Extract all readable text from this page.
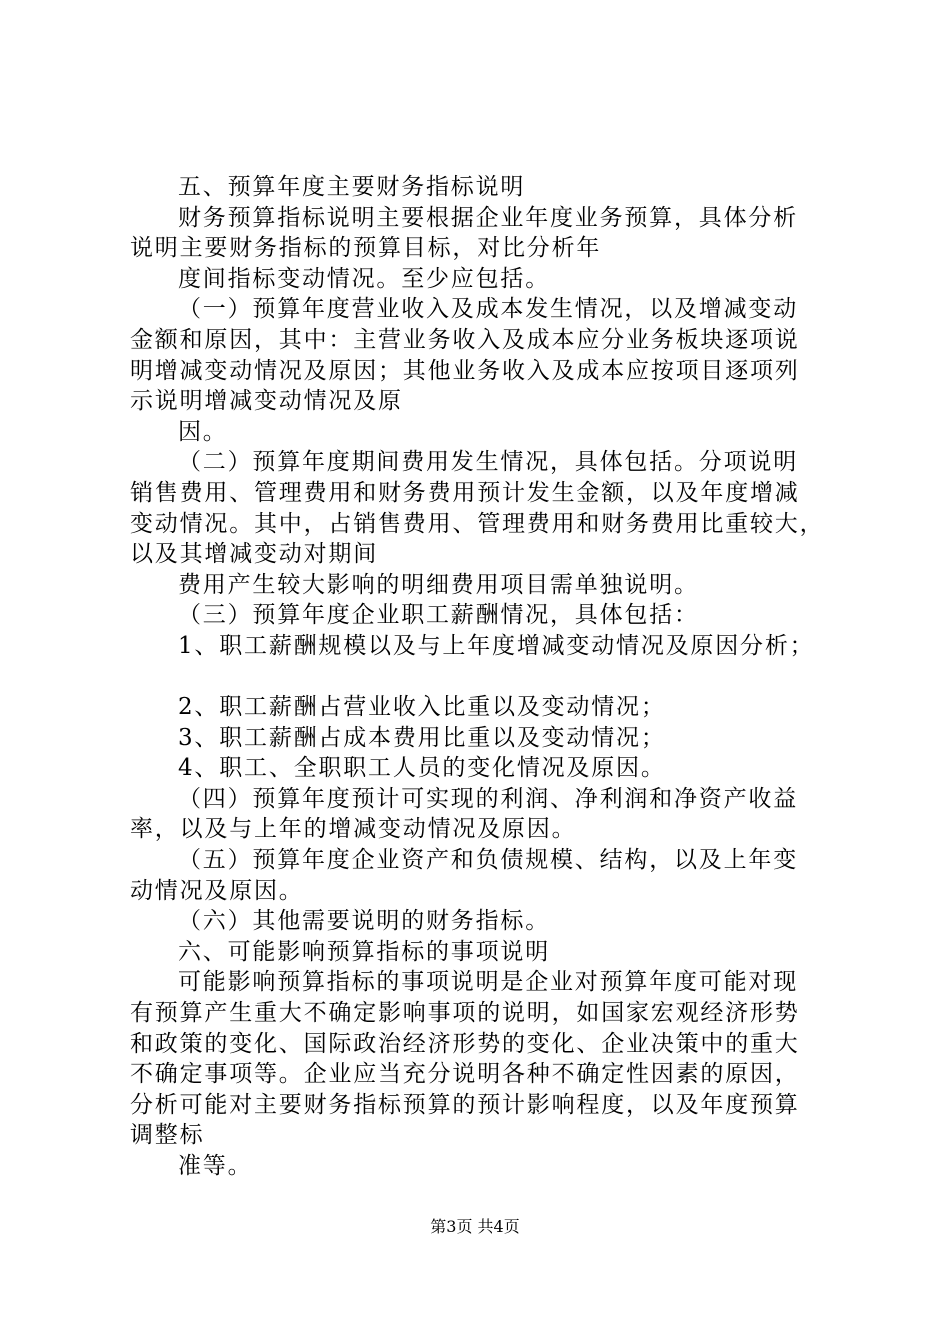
五、预算年度主要财务指标说明
财务预算指标说明主要根据企业年度业务预算，具体分析
说明主要财务指标的预算目标，对比分析年
度间指标变动情况。至少应包括。
（一）预算年度营业收入及成本发生情况，以及增减变动
金额和原因，其中：主营业务收入及成本应分业务板块逐项说
明增减变动情况及原因；其他业务收入及成本应按项目逐项列
示说明增减变动情况及原
因。
（二）预算年度期间费用发生情况，具体包括。分项说明
销售费用、管理费用和财务费用预计发生金额，以及年度增减
变动情况。其中，占销售费用、管理费用和财务费用比重较大，
以及其增减变动对期间
费用产生较大影响的明细费用项目需单独说明。
（三）预算年度企业职工薪酬情况，具体包括：
1、职工薪酬规模以及与上年度增减变动情况及原因分析；
2、职工薪酬占营业收入比重以及变动情况；
3、职工薪酬占成本费用比重以及变动情况；
4、职工、全职职工人员的变化情况及原因。
（四）预算年度预计可实现的利润、净利润和净资产收益
率，以及与上年的增减变动情况及原因。
（五）预算年度企业资产和负债规模、结构，以及上年变
动情况及原因。
（六）其他需要说明的财务指标。
六、可能影响预算指标的事项说明
可能影响预算指标的事项说明是企业对预算年度可能对现
有预算产生重大不确定影响事项的说明，如国家宏观经济形势
和政策的变化、国际政治经济形势的变化、企业决策中的重大
不确定事项等。企业应当充分说明各种不确定性因素的原因，
分析可能对主要财务指标预算的预计影响程度，以及年度预算
调整标
准等。
第3页 共4页
